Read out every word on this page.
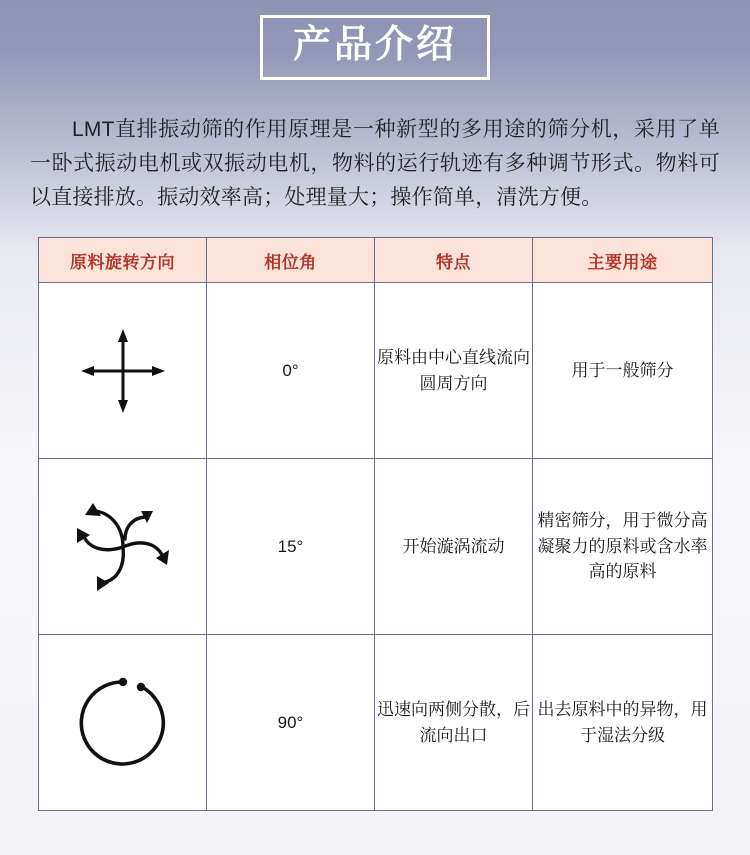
产品介绍

LMT直排振动筛的作用原理是一种新型的多用途的筛分机，采用了单一卧式振动电机或双振动电机，物料的运行轨迹有多种调节形式。物料可以直接排放。振动效率高；处理量大；操作简单，清洗方便。

原料旋转方向	相位角	特点	主要用途

	0°	原料由中心直线流向圆周方向	用于一般筛分

	15°	开始漩涡流动	精密筛分，用于微分高凝聚力的原料或含水率高的原料

	90°	迅速向两侧分散，后流向出口	出去原料中的异物，用于湿法分级
